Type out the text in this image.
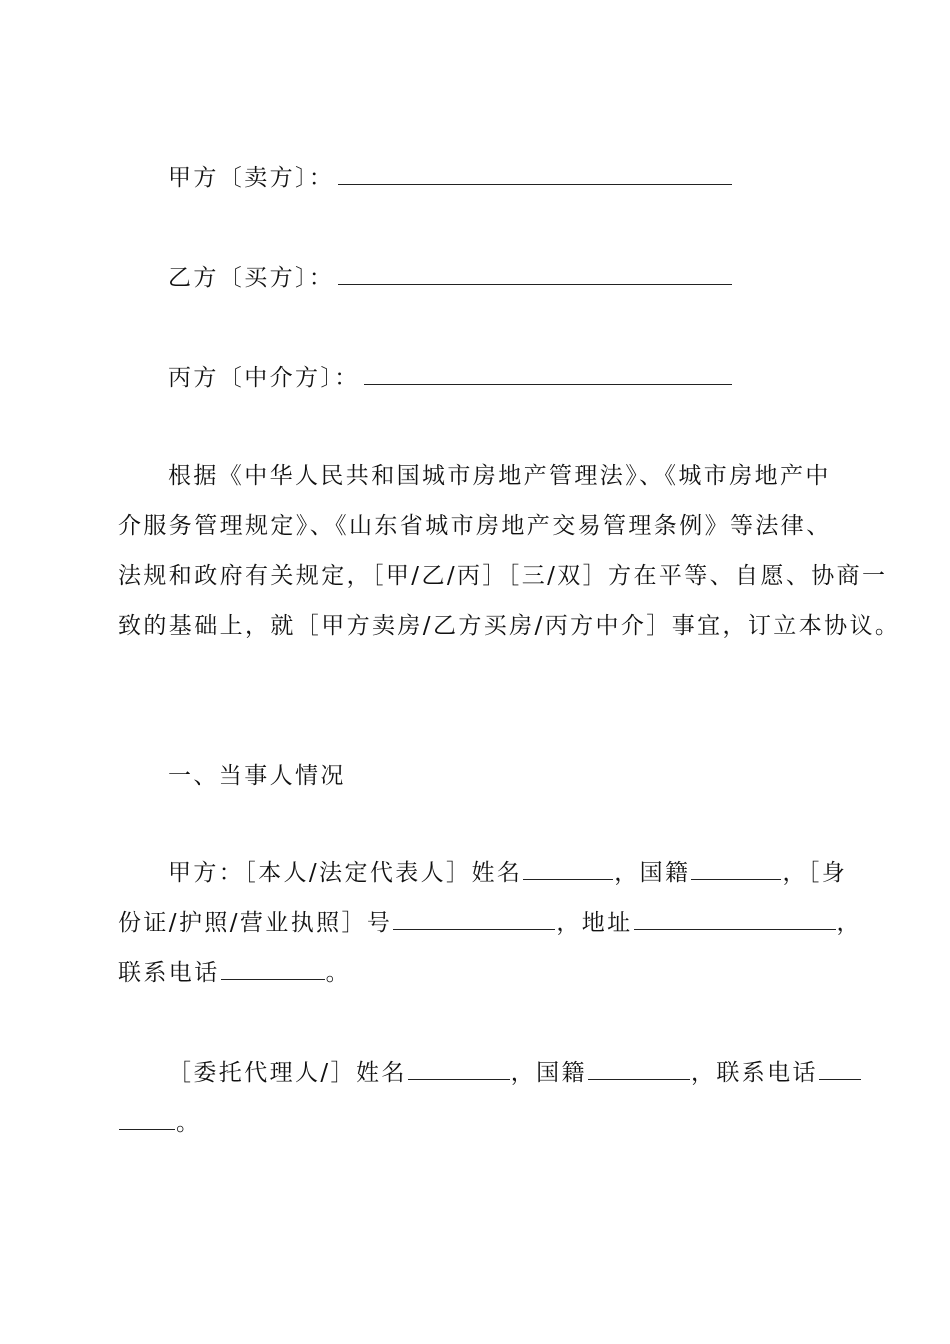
甲方〔卖方〕：
乙方〔买方〕：
丙方〔中介方〕：
根据《中华人民共和国城市房地产管理法》、《城市房地产中
介服务管理规定》、《山东省城市房地产交易管理条例》等法律、
法规和政府有关规定，［甲/乙/丙］［三/双］方在平等、自愿、协商一
致的基础上，就［甲方卖房/乙方买房/丙方中介］事宜，订立本协议。
一、当事人情况
甲方：［本人/法定代表人］姓名	，国籍	，［身
份证/护照/营业执照］号	，地址	，
联系电话	。
［委托代理人/］姓名	，国籍	，联系电话
。
